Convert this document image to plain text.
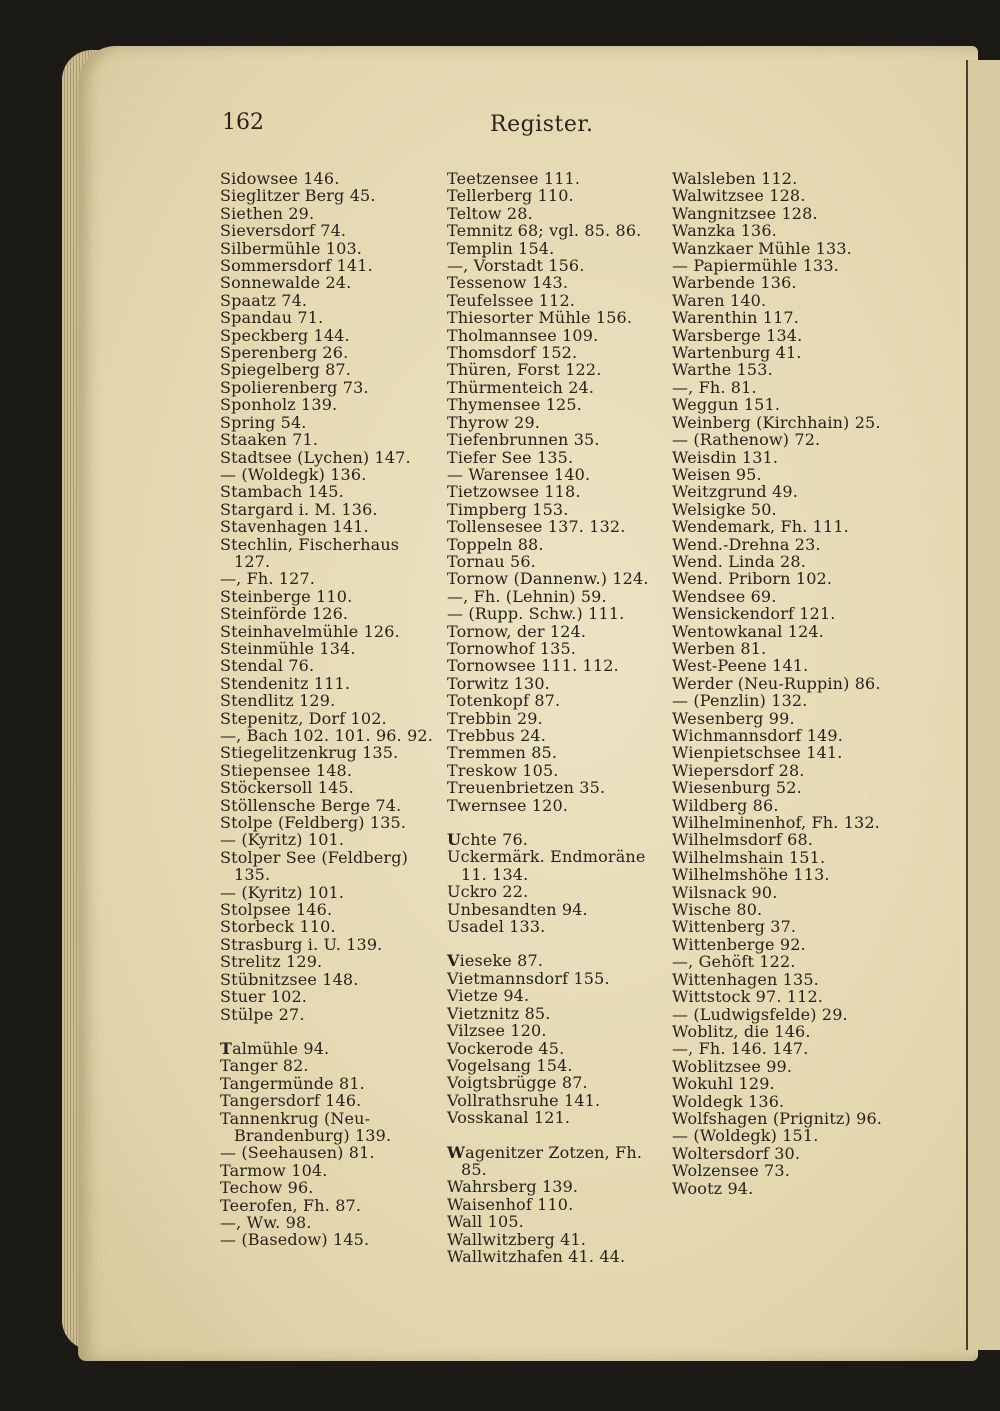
162	Register.
Sidowsee 146.
Sieglitzer Berg 45.
Siethen 29.
Sieversdorf 74.
Silbermühle 103.
Sommersdorf 141.
Sonnewalde 24.
Spaatz 74.
Spandau 71.
Speckberg 144.
Sperenberg 26.
Spiegelberg 87.
Spolierenberg 73.
Sponholz 139.
Spring 54.
Staaken 71.
Stadtsee (Lychen) 147.
— (Woldegk) 136.
Stambach 145.
Stargard i. M. 136.
Stavenhagen 141.
Stechlin, Fischerhaus 127.
—, Fh. 127.
Steinberge 110.
Steinförde 126.
Steinhavelmühle 126.
Steinmühle 134.
Stendal 76.
Stendenitz 111.
Stendlitz 129.
Stepenitz, Dorf 102.
—, Bach 102. 101. 96. 92.
Stiegelitzenkrug 135.
Stiepensee 148.
Stöckersoll 145.
Stöllensche Berge 74.
Stolpe (Feldberg) 135.
— (Kyritz) 101.
Stolper See (Feldberg) 135.
— (Kyritz) 101.
Stolpsee 146.
Storbeck 110.
Strasburg i. U. 139.
Strelitz 129.
Stübnitzsee 148.
Stuer 102.
Stülpe 27.
Talmühle 94.
Tanger 82.
Tangermünde 81.
Tangersdorf 146.
Tannenkrug (Neu-Brandenburg) 139.
— (Seehausen) 81.
Tarmow 104.
Techow 96.
Teerofen, Fh. 87.
—, Ww. 98.
— (Basedow) 145.
Teetzensee 111.
Tellerberg 110.
Teltow 28.
Temnitz 68; vgl. 85. 86.
Templin 154.
—, Vorstadt 156.
Tessenow 143.
Teufelssee 112.
Thiesorter Mühle 156.
Tholmannsee 109.
Thomsdorf 152.
Thüren, Forst 122.
Thürmenteich 24.
Thymensee 125.
Thyrow 29.
Tiefenbrunnen 35.
Tiefer See 135.
— Warensee 140.
Tietzowsee 118.
Timpberg 153.
Tollensesee 137. 132.
Toppeln 88.
Tornau 56.
Tornow (Dannenw.) 124.
—, Fh. (Lehnin) 59.
— (Rupp. Schw.) 111.
Tornow, der 124.
Tornowhof 135.
Tornowsee 111. 112.
Torwitz 130.
Totenkopf 87.
Trebbin 29.
Trebbus 24.
Tremmen 85.
Treskow 105.
Treuenbrietzen 35.
Twernsee 120.
Uchte 76.
Uckermärk. Endmoräne 11. 134.
Uckro 22.
Unbesandten 94.
Usadel 133.
Vieseke 87.
Vietmannsdorf 155.
Vietze 94.
Vietznitz 85.
Vilzsee 120.
Vockerode 45.
Vogelsang 154.
Voigtsbrügge 87.
Vollrathsruhe 141.
Vosskanal 121.
Wagenitzer Zotzen, Fh. 85.
Wahrsberg 139.
Waisenhof 110.
Wall 105.
Wallwitzberg 41.
Wallwitzhafen 41. 44.
Walsleben 112.
Walwitzsee 128.
Wangnitzsee 128.
Wanzka 136.
Wanzkaer Mühle 133.
— Papiermühle 133.
Warbende 136.
Waren 140.
Warenthin 117.
Warsberge 134.
Wartenburg 41.
Warthe 153.
—, Fh. 81.
Weggun 151.
Weinberg (Kirchhain) 25.
— (Rathenow) 72.
Weisdin 131.
Weisen 95.
Weitzgrund 49.
Welsigke 50.
Wendemark, Fh. 111.
Wend.-Drehna 23.
Wend. Linda 28.
Wend. Priborn 102.
Wendsee 69.
Wensickendorf 121.
Wentowkanal 124.
Werben 81.
West-Peene 141.
Werder (Neu-Ruppin) 86.
— (Penzlin) 132.
Wesenberg 99.
Wichmannsdorf 149.
Wienpietschsee 141.
Wiepersdorf 28.
Wiesenburg 52.
Wildberg 86.
Wilhelminenhof, Fh. 132.
Wilhelmsdorf 68.
Wilhelmshain 151.
Wilhelmshöhe 113.
Wilsnack 90.
Wische 80.
Wittenberg 37.
Wittenberge 92.
—, Gehöft 122.
Wittenhagen 135.
Wittstock 97. 112.
— (Ludwigsfelde) 29.
Woblitz, die 146.
—, Fh. 146. 147.
Woblitzsee 99.
Wokuhl 129.
Woldegk 136.
Wolfshagen (Prignitz) 96.
— (Woldegk) 151.
Woltersdorf 30.
Wolzensee 73.
Wootz 94.
